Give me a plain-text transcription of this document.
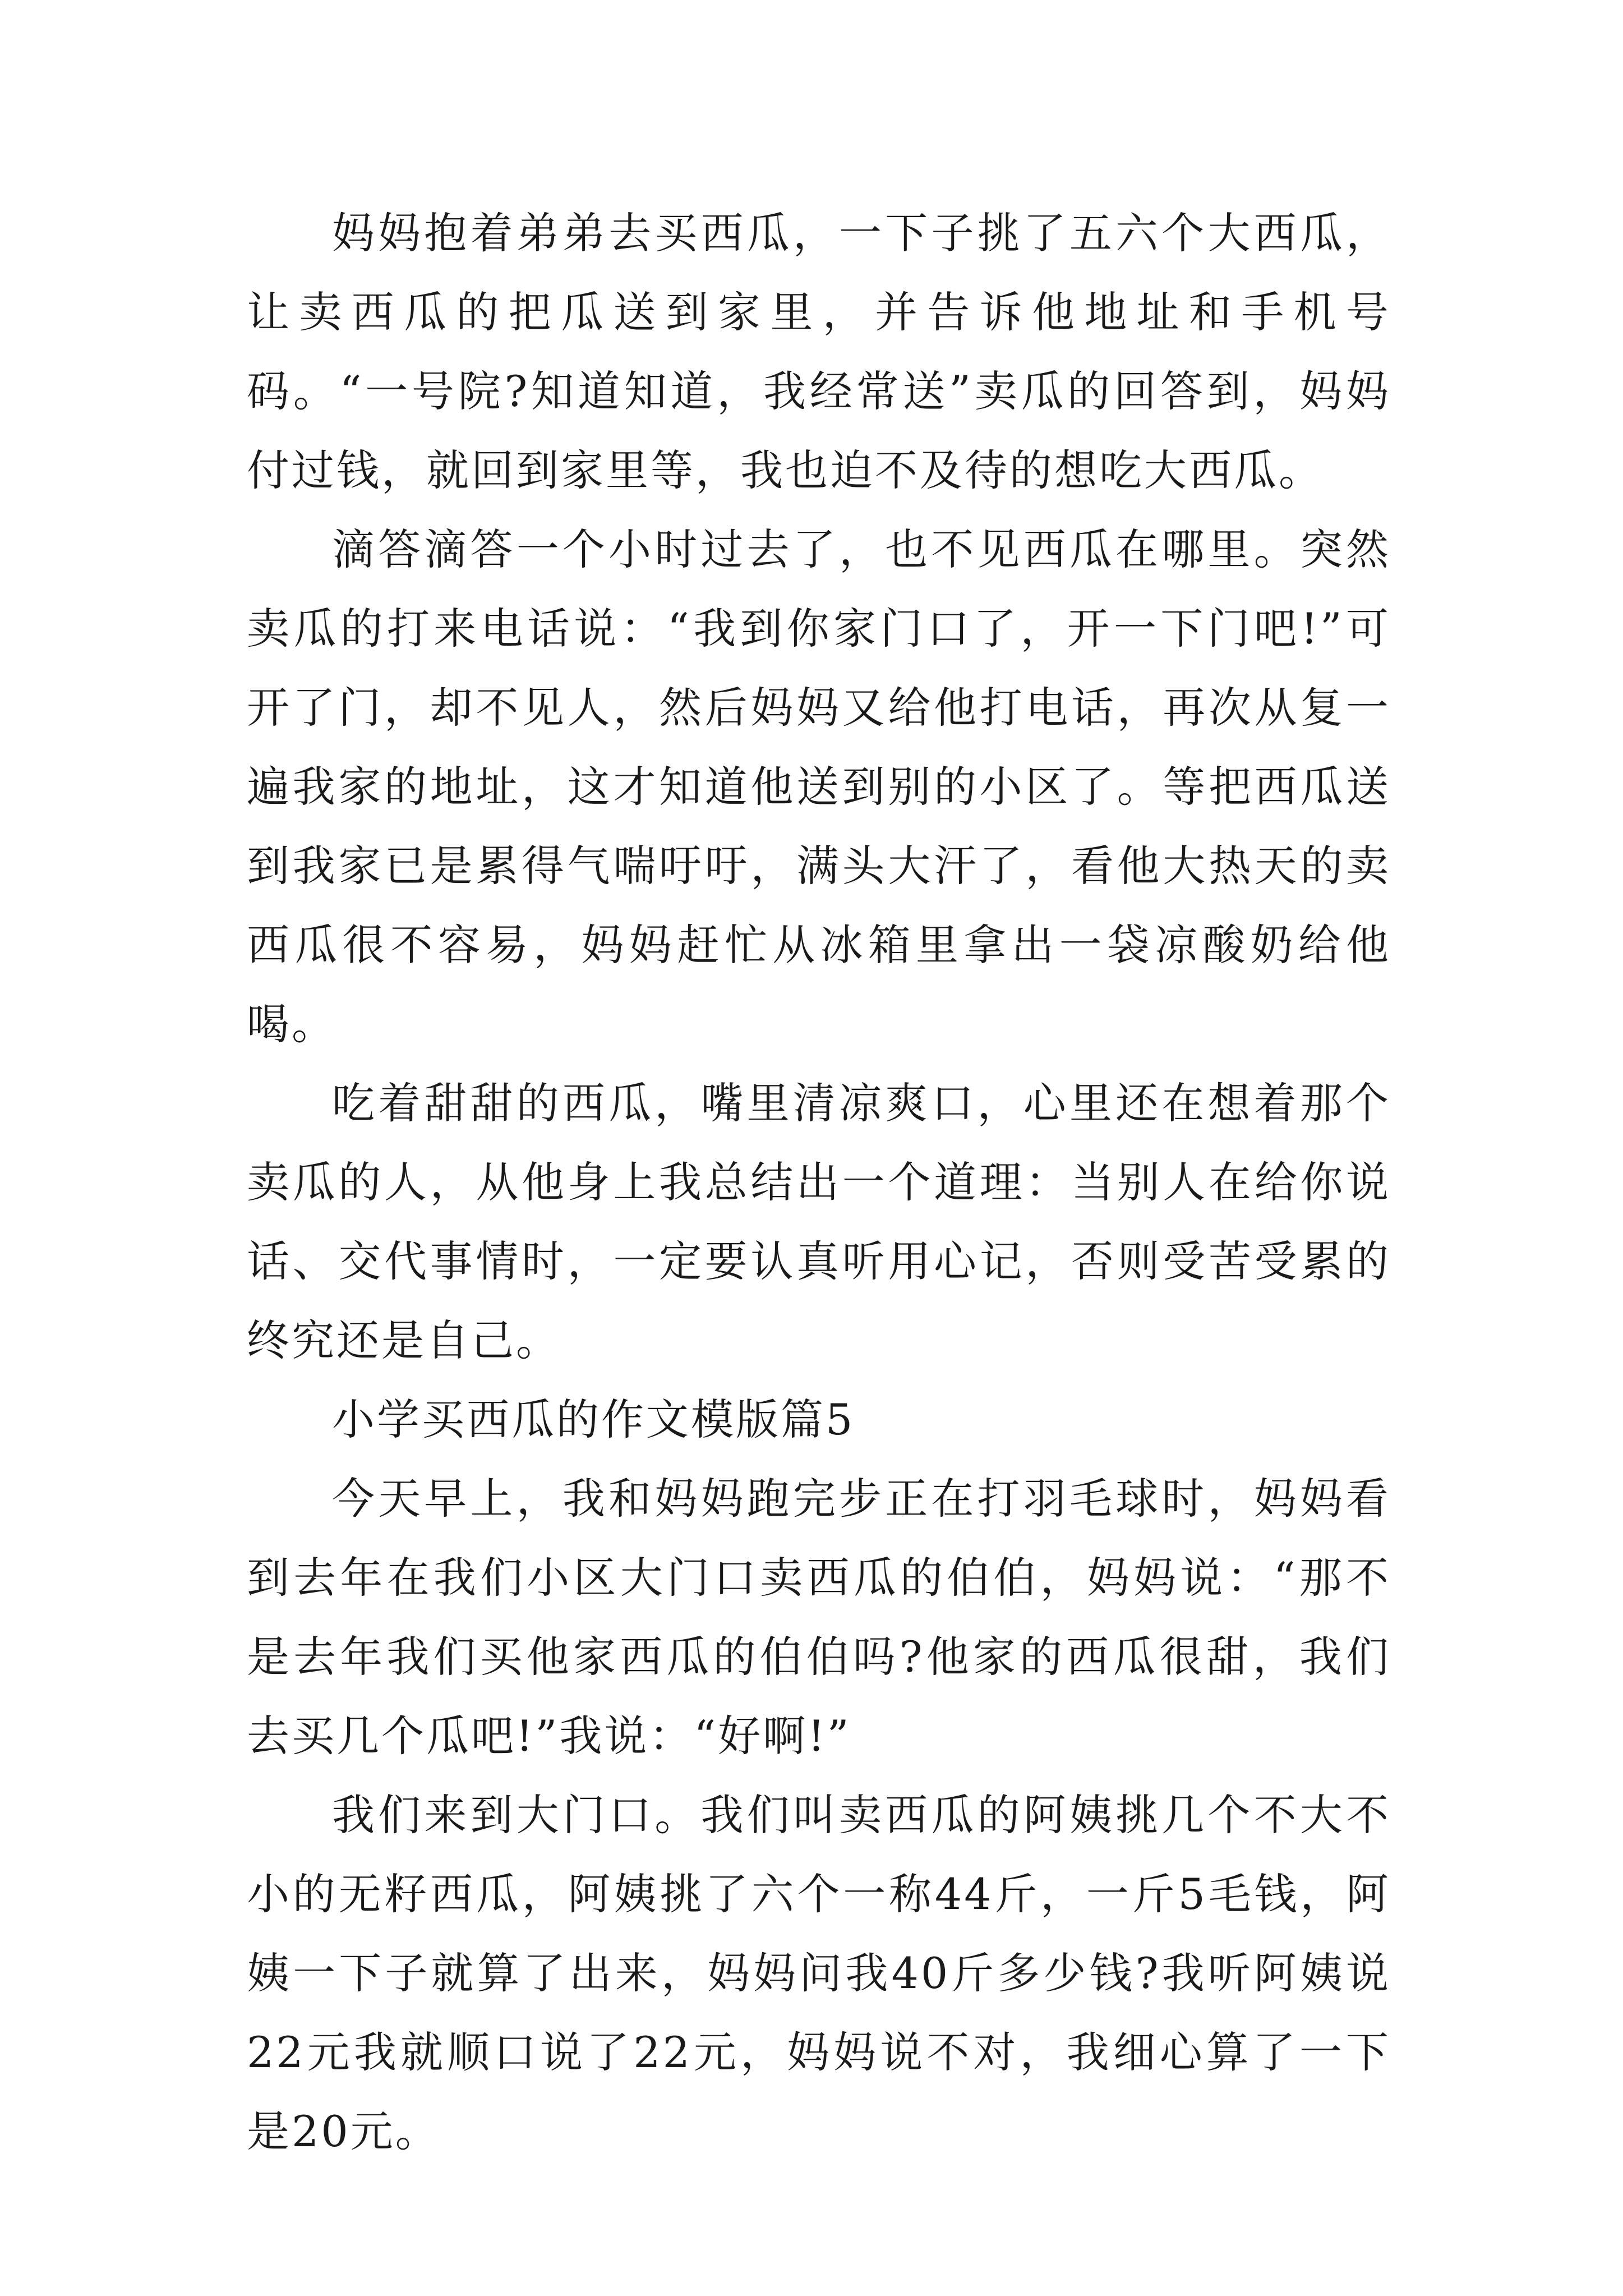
妈妈抱着弟弟去买西瓜，一下子挑了五六个大西瓜，让卖西瓜的把瓜送到家里，并告诉他地址和手机号码。“一号院?知道知道，我经常送”卖瓜的回答到，妈妈付过钱，就回到家里等，我也迫不及待的想吃大西瓜。

滴答滴答一个小时过去了，也不见西瓜在哪里。突然卖瓜的打来电话说：“我到你家门口了，开一下门吧!”可开了门，却不见人，然后妈妈又给他打电话，再次从复一遍我家的地址，这才知道他送到别的小区了。等把西瓜送到我家已是累得气喘吁吁，满头大汗了，看他大热天的卖西瓜很不容易，妈妈赶忙从冰箱里拿出一袋凉酸奶给他喝。

吃着甜甜的西瓜，嘴里清凉爽口，心里还在想着那个卖瓜的人，从他身上我总结出一个道理：当别人在给你说话、交代事情时，一定要认真听用心记，否则受苦受累的终究还是自己。

小学买西瓜的作文模版篇5

今天早上，我和妈妈跑完步正在打羽毛球时，妈妈看到去年在我们小区大门口卖西瓜的伯伯，妈妈说：“那不是去年我们买他家西瓜的伯伯吗?他家的西瓜很甜，我们去买几个瓜吧!”我说：“好啊!”

我们来到大门口。我们叫卖西瓜的阿姨挑几个不大不小的无籽西瓜，阿姨挑了六个一称44斤，一斤5毛钱，阿姨一下子就算了出来，妈妈问我40斤多少钱?我听阿姨说22元我就顺口说了22元，妈妈说不对，我细心算了一下是20元。
